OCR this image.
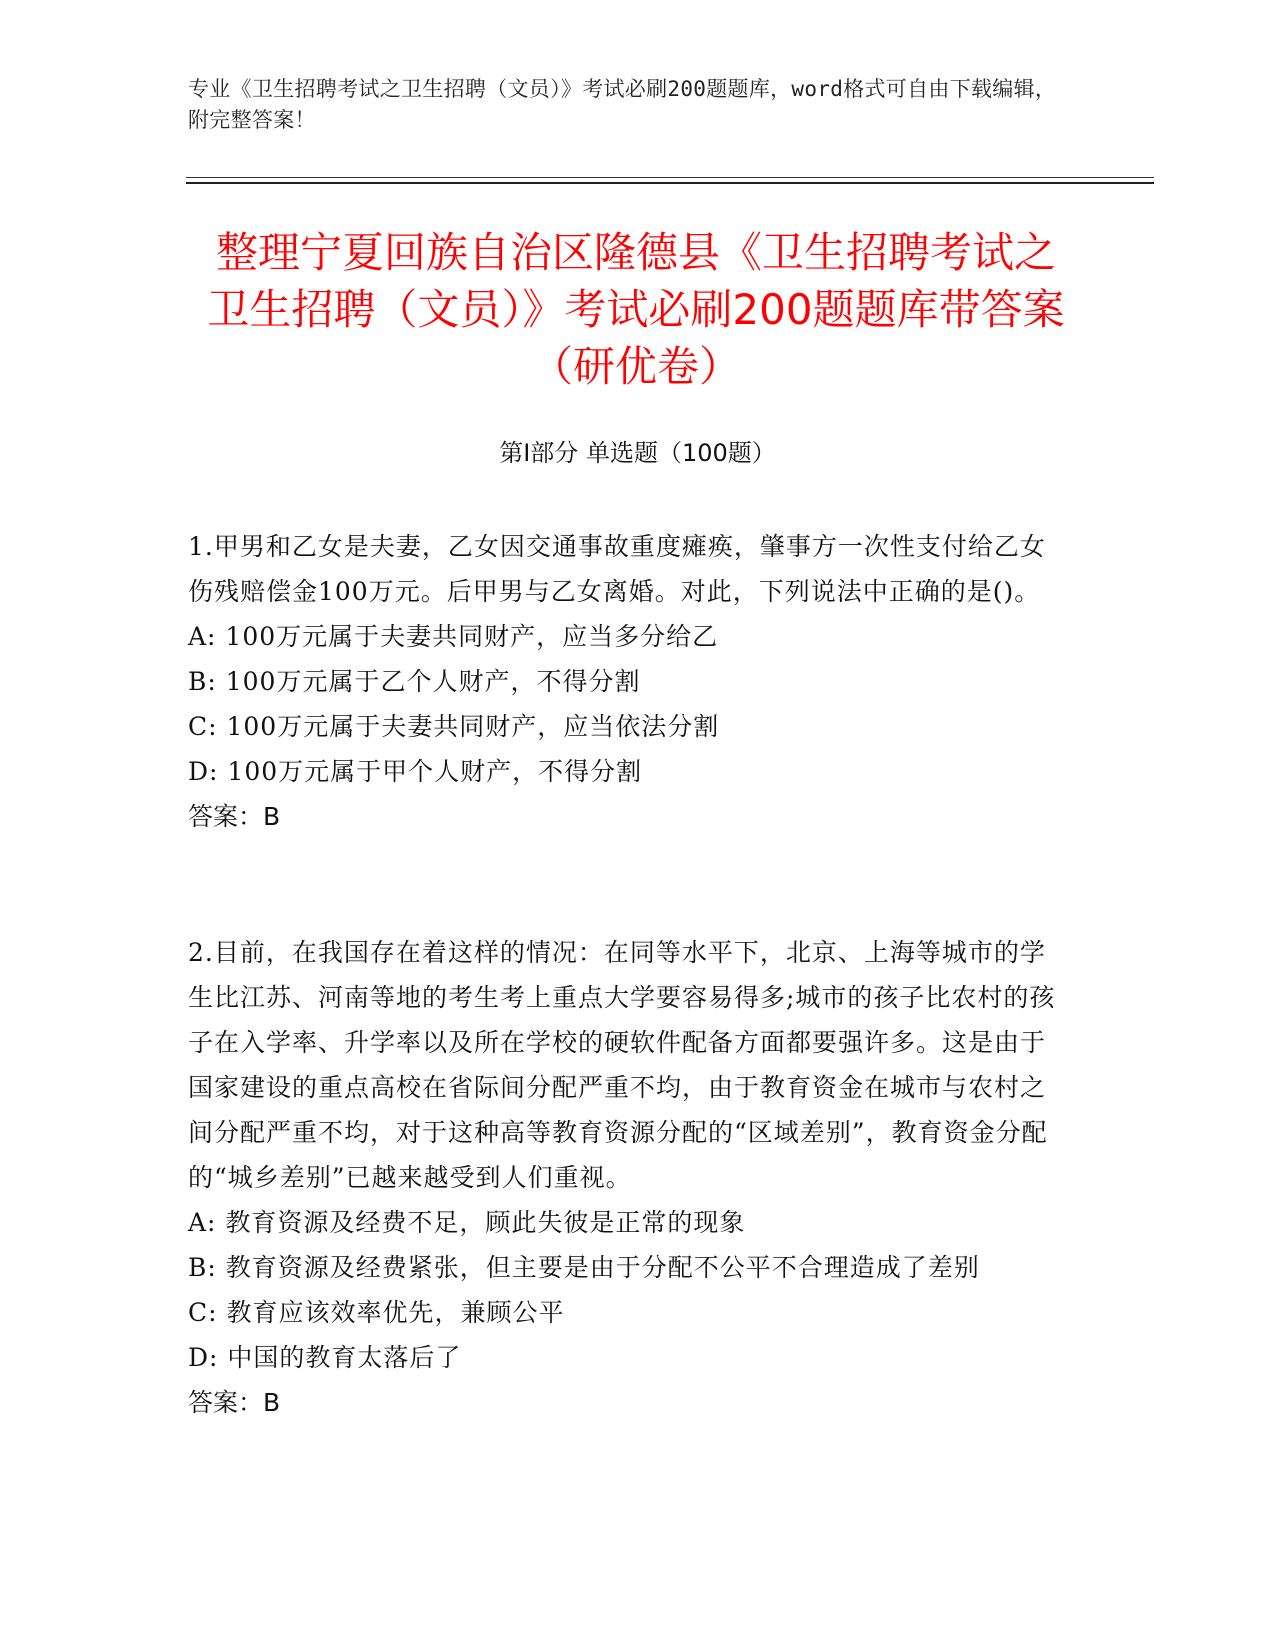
专业《卫生招聘考试之卫生招聘（文员）》考试必刷200题题库，word格式可自由下载编辑，附完整答案！
整理宁夏回族自治区隆德县《卫生招聘考试之卫生招聘（文员）》考试必刷200题题库带答案（研优卷）
第I部分 单选题（100题）

1.甲男和乙女是夫妻，乙女因交通事故重度瘫痪，肇事方一次性支付给乙女伤残赔偿金100万元。后甲男与乙女离婚。对此，下列说法中正确的是()。

A: 100万元属于夫妻共同财产，应当多分给乙

B: 100万元属于乙个人财产，不得分割

C: 100万元属于夫妻共同财产，应当依法分割

D: 100万元属于甲个人财产，不得分割

答案：B

2.目前，在我国存在着这样的情况：在同等水平下，北京、上海等城市的学生比江苏、河南等地的考生考上重点大学要容易得多;城市的孩子比农村的孩子在入学率、升学率以及所在学校的硬软件配备方面都要强许多。这是由于国家建设的重点高校在省际间分配严重不均，由于教育资金在城市与农村之间分配严重不均，对于这种高等教育资源分配的“区域差别”，教育资金分配的“城乡差别”已越来越受到人们重视。

A: 教育资源及经费不足，顾此失彼是正常的现象

B: 教育资源及经费紧张，但主要是由于分配不公平不合理造成了差别

C: 教育应该效率优先，兼顾公平

D: 中国的教育太落后了

答案：B
